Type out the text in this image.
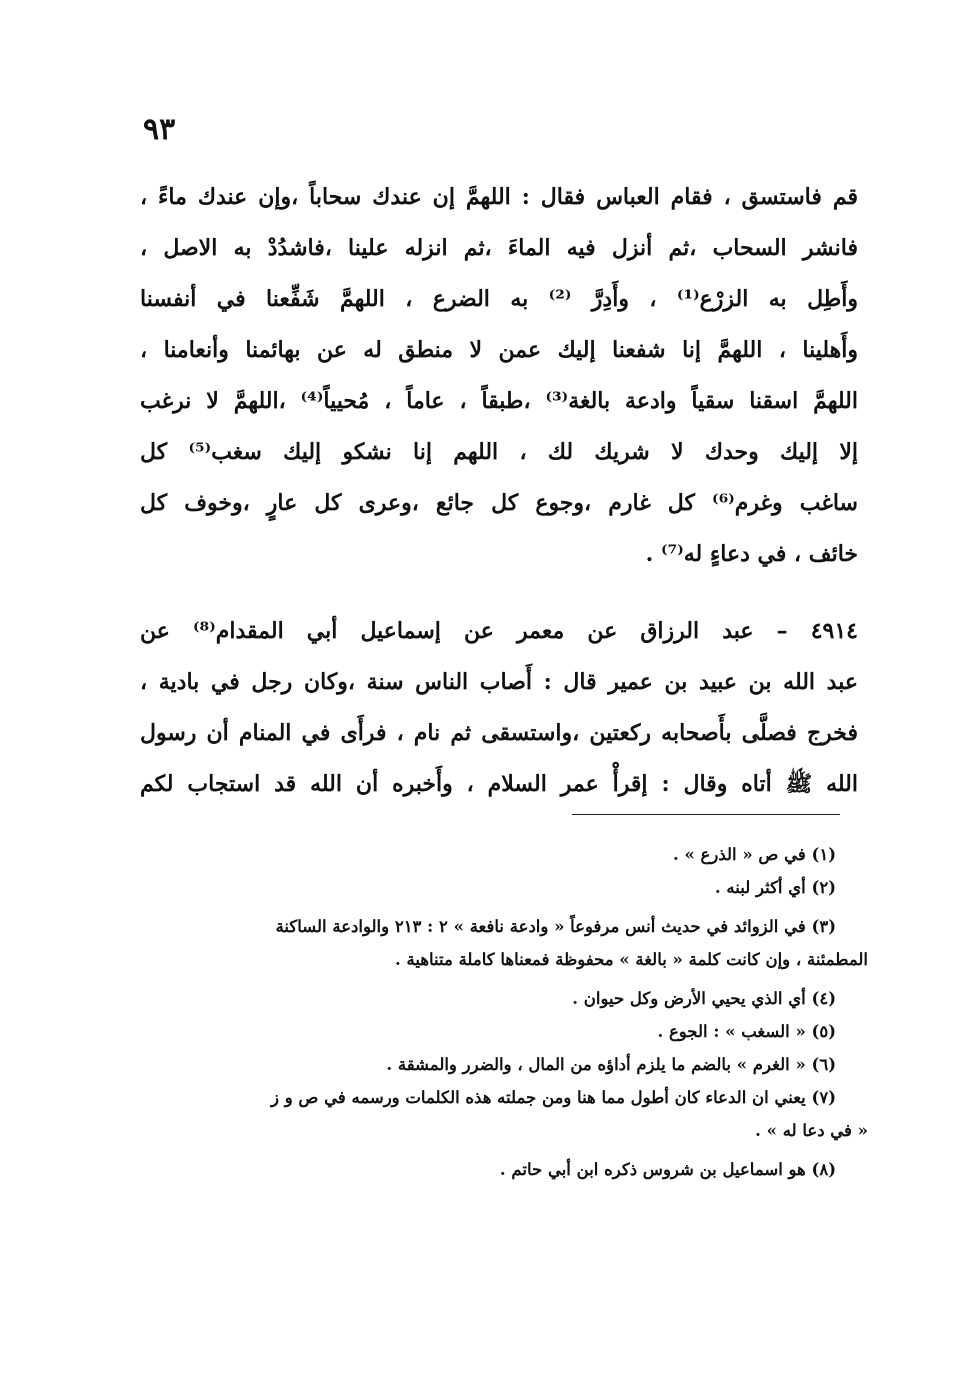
٩٣
قم فاستسق ، فقام العباس فقال : اللهمَّ إن عندك سحاباً ،وإن عندك ماءً ،
فانشر السحاب ،ثم أنزل فيه الماءَ ،ثم انزله علينا ،فاشدُدْ به الاصل ،
وأَطِل به الزرْع⁽¹⁾ ، وأَدِرَّ ⁽²⁾ به الضرع ، اللهمَّ شَفِّعنا في أنفسنا
وأَهلينا ، اللهمَّ إنا شفعنا إليك عمن لا منطق له عن بهائمنا وأنعامنا ،
اللهمَّ اسقنا سقياً وادعة بالغة⁽³⁾ ،طبقاً ، عاماً ، مُحيياً⁽⁴⁾ ،اللهمَّ لا نرغب
إلا إليك وحدك لا شريك لك ، اللهم إنا نشكو إليك سغب⁽⁵⁾ كل
ساغب وغرم⁽⁶⁾ كل غارم ،وجوع كل جائع ،وعرى كل عارٍ ،وخوف كل
خائف ، في دعاءٍ له⁽⁷⁾ .
٤٩١٤ – عبد الرزاق عن معمر عن إسماعيل أبي المقدام⁽⁸⁾ عن
عبد الله بن عبيد بن عمير قال : أَصاب الناس سنة ،وكان رجل في بادية ،
فخرج فصلَّى بأَصحابه ركعتين ،واستسقى ثم نام ، فرأَى في المنام أن رسول
الله ﷺ أتاه وقال : إقرأْ عمر السلام ، وأَخبره أن الله قد استجاب لكم
(١) في ص « الذرع » .
(٢) أي أكثر لبنه .
(٣) في الزوائد في حديث أنس مرفوعاً « وادعة نافعة » ٢ : ٢١٣ والوادعة الساكنة
المطمئنة ، وإن كانت كلمة « بالغة » محفوظة فمعناها كاملة متناهية .
(٤) أي الذي يحيي الأرض وكل حيوان .
(٥) « السغب » : الجوع .
(٦) « الغرم » بالضم ما يلزم أداؤه من المال ، والضرر والمشقة .
(٧) يعني ان الدعاء كان أطول مما هنا ومن جملته هذه الكلمات ورسمه في ص و ز
« في دعا له » .
(٨) هو اسماعيل بن شروس ذكره ابن أبي حاتم .
